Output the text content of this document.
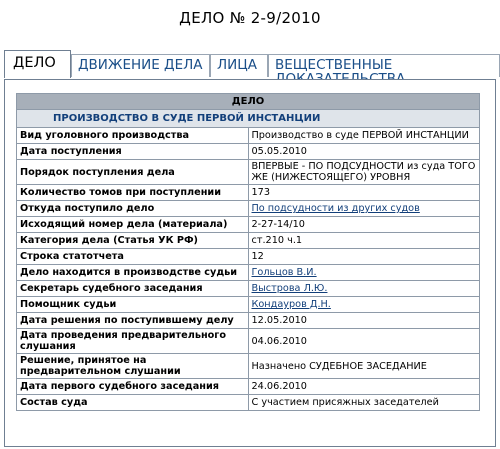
ДЕЛО № 2-9/2010
ДЕЛО	ДВИЖЕНИЕ ДЕЛА	ЛИЦА	ВЕЩЕСТВЕННЫЕ
ДЕЛО	
ПРОИЗВОДСТВО В СУДЕ ПЕРВОЙ ИНСТАНЦИИ	
Вид уголовного производства	Производство в суде ПЕРВОЙ ИНСТАНЦИИ
Дата поступления	05.05.2010
Порядок поступления дела	ВПЕРВЫЕ - ПО ПОДСУДНОСТИ из суда ТОГО ЖЕ (НИЖЕСТОЯЩЕГО) УРОВНЯ
Количество томов при поступлении	173
Откуда поступило дело	По подсудности из других судов
Исходящий номер дела (материала)	2-27-14/10
Категория дела (Статья УК РФ)	ст.210 ч.1
Строка статотчета	12
Дело находится в производстве судьи	Гольцов В.И.
Секретарь судебного заседания	Выстрова Л.Ю.
Помощник судьи	Кондауров Д.Н.
Дата решения по поступившему делу	12.05.2010
Дата проведения предварительного слушания	04.06.2010
Решение, принятое на предварительном слушании	Назначено СУДЕБНОЕ ЗАСЕДАНИЕ
Дата первого судебного заседания	24.06.2010
Состав суда	С участием присяжных заседателей
